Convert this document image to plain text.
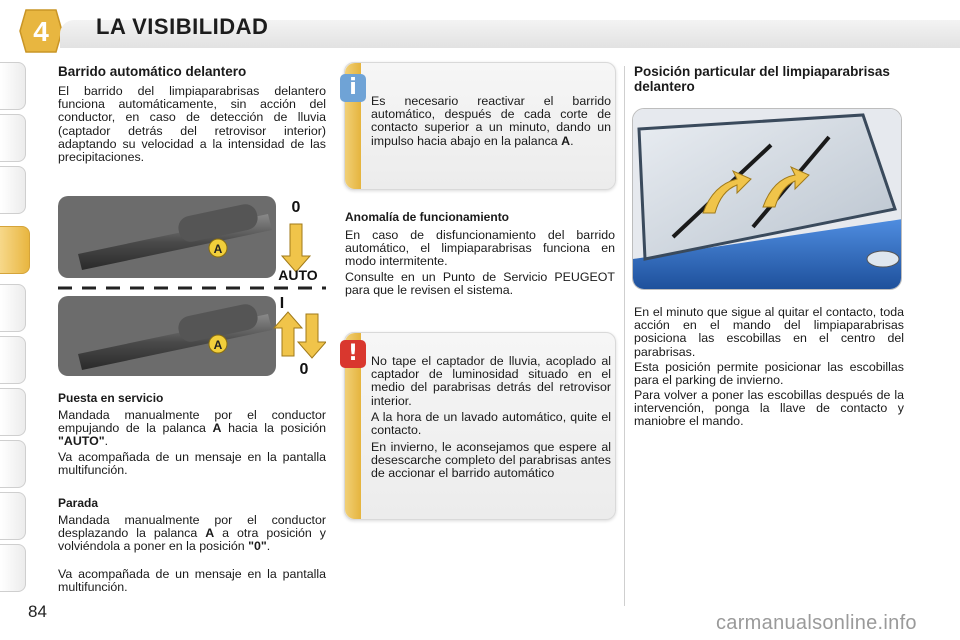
4 LA VISIBILIDAD
Barrido automático delantero
El barrido del limpiaparabrisas delantero funciona automáticamente, sin acción del conductor, en caso de detección de lluvia (captador detrás del retrovisor interior) adaptando su velocidad a la intensidad de las precipitaciones.
A
A
0
AUTO
I
0
Puesta en servicio
Mandada manualmente por el conductor empujando de la palanca A hacia la posición "AUTO".
Va acompañada de un mensaje en la pantalla multifunción.
Parada
Mandada manualmente por el conductor desplazando la palanca A a otra posición y volviéndola a poner en la posición "0".
Va acompañada de un mensaje en la pantalla multifunción.
Es necesario reactivar el barrido automático, después de cada corte de contacto superior a un minuto, dando un impulso hacia abajo en la palanca A.
i
Anomalía de funcionamiento
En caso de disfuncionamiento del barrido automático, el limpiaparabrisas funciona en modo intermitente.
Consulte en un Punto de Servicio PEUGEOT para que le revisen el sistema.
No tape el captador de lluvia, acoplado al captador de luminosidad situado en el medio del parabrisas detrás del retrovisor interior.
A la hora de un lavado automático, quite el contacto.
En invierno, le aconsejamos que espere al desescarche completo del parabrisas antes de accionar el barrido automático
!
Posición particular del limpiaparabrisas delantero
En el minuto que sigue al quitar el contacto, toda acción en el mando del limpiaparabrisas posiciona las escobillas en el centro del parabrisas.
Esta posición permite posicionar las escobillas para el parking de invierno.
Para volver a poner las escobillas después de la intervención, ponga la llave de contacto y maniobre el mando.
84
carmanualsonline.info
